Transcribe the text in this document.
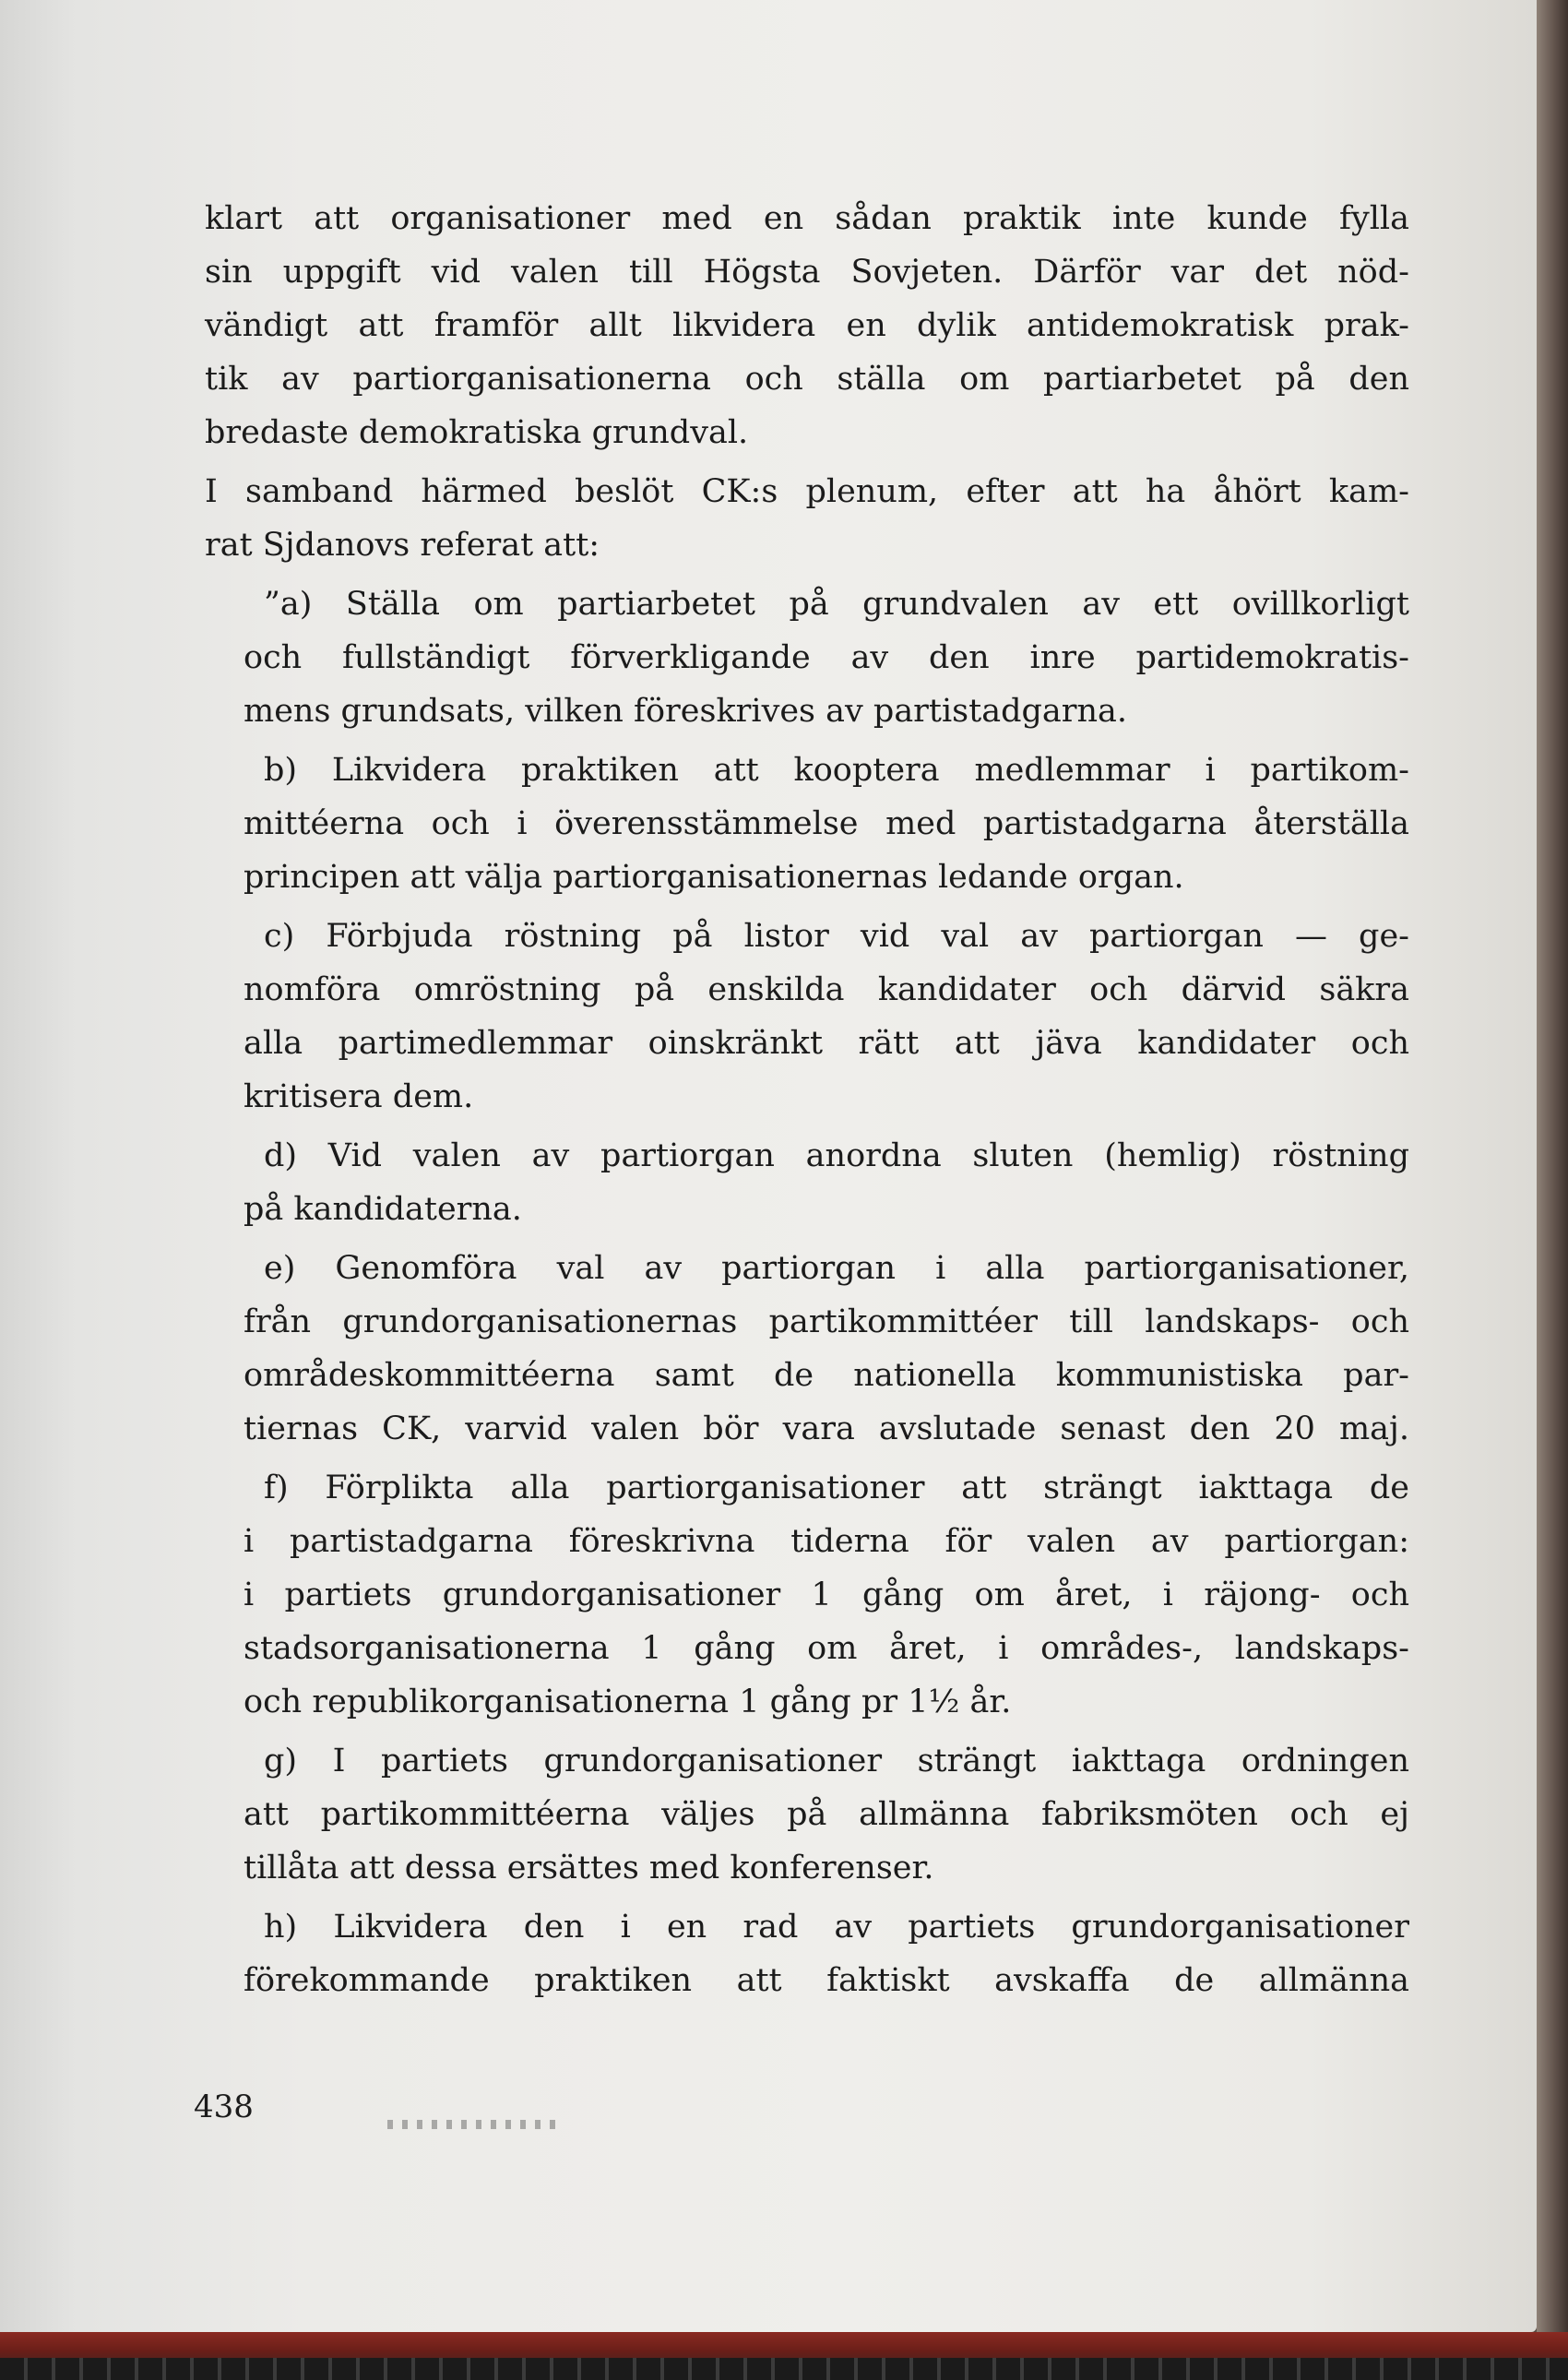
klart att organisationer med en sådan praktik inte kunde fylla
sin uppgift vid valen till Högsta Sovjeten. Därför var det nöd-
vändigt att framför allt likvidera en dylik antidemokratisk prak-
tik av partiorganisationerna och ställa om partiarbetet på den
bredaste demokratiska grundval.
I samband härmed beslöt CK:s plenum, efter att ha åhört kam-
rat Sjdanovs referat att:
”a) Ställa om partiarbetet på grundvalen av ett ovillkorligt
och fullständigt förverkligande av den inre partidemokratis-
mens grundsats, vilken föreskrives av partistadgarna.
b) Likvidera praktiken att kooptera medlemmar i partikom-
mittéerna och i överensstämmelse med partistadgarna återställa
principen att välja partiorganisationernas ledande organ.
c) Förbjuda röstning på listor vid val av partiorgan — ge-
nomföra omröstning på enskilda kandidater och därvid säkra
alla partimedlemmar oinskränkt rätt att jäva kandidater och
kritisera dem.
d) Vid valen av partiorgan anordna sluten (hemlig) röstning
på kandidaterna.
e) Genomföra val av partiorgan i alla partiorganisationer,
från grundorganisationernas partikommittéer till landskaps- och
områdeskommittéerna samt de nationella kommunistiska par-
tiernas CK, varvid valen bör vara avslutade senast den 20 maj.
f) Förplikta alla partiorganisationer att strängt iakttaga de
i partistadgarna föreskrivna tiderna för valen av partiorgan:
i partiets grundorganisationer 1 gång om året, i räjong- och
stadsorganisationerna 1 gång om året, i områdes-, landskaps-
och republikorganisationerna 1 gång pr 1½ år.
g) I partiets grundorganisationer strängt iakttaga ordningen
att partikommittéerna väljes på allmänna fabriksmöten och ej
tillåta att dessa ersättes med konferenser.
h) Likvidera den i en rad av partiets grundorganisationer
förekommande praktiken att faktiskt avskaffa de allmänna
438
